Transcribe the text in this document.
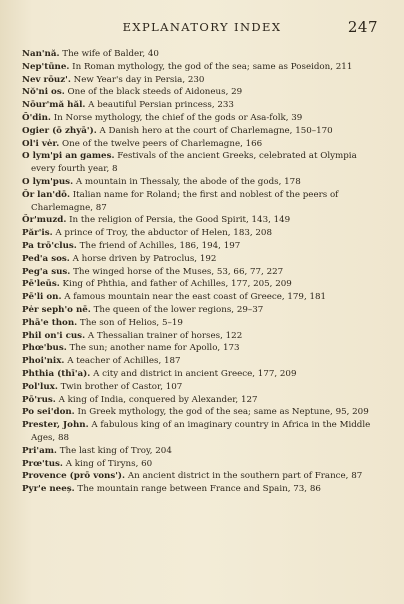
EXPLANATORY INDEX	247

Nan'nă. The wife of Balder, 40

Nep'tūne. In Roman mythology, the god of the sea; same as Poseidon, 211

Nev rōuz'. New Year's day in Persia, 230

Nŏ'ni os. One of the black steeds of Aidoneus, 29

Nōur'mă hăl. A beautiful Persian princess, 233

Ō'din. In Norse mythology, the chief of the gods or Asa-folk, 39

Ogier (ō zhyā'). A Danish hero at the court of Charlemagne, 150–170

Ol'i vėr. One of the twelve peers of Charlemagne, 166

O lym'pi an games. Festivals of the ancient Greeks, celebrated at Olympia every fourth year, 8

O lym'pus. A mountain in Thessaly, the abode of the gods, 178

Ŏr lan'dō. Italian name for Roland; the first and noblest of the peers of Charlemagne, 87

Ŏr'muzd. In the religion of Persia, the Good Spirit, 143, 149

Păr'is. A prince of Troy, the abductor of Helen, 183, 208

Pa trō'clus. The friend of Achilles, 186, 194, 197

Ped'a sos. A horse driven by Patroclus, 192

Peg'a sus. The winged horse of the Muses, 53, 66, 77, 227

Pē'leūs. King of Phthia, and father of Achilles, 177, 205, 209

Pē'li on. A famous mountain near the east coast of Greece, 179, 181

Pėr seph'o nē. The queen of the lower regions, 29–37

Phā'e thon. The son of Helios, 5–19

Phil on'i cus. A Thessalian trainer of horses, 122

Phœ'bus. The sun; another name for Apollo, 173

Phoi'nix. A teacher of Achilles, 187

Phthia (thī'a). A city and district in ancient Greece, 177, 209

Pol'lux. Twin brother of Castor, 107

Pō'rus. A king of India, conquered by Alexander, 127

Po sei'don. In Greek mythology, the god of the sea; same as Neptune, 95, 209

Prester, John. A fabulous king of an imaginary country in Africa in the Middle Ages, 88

Pri'am. The last king of Troy, 204

Prœ'tus. A king of Tiryns, 60

Provence (prō vons'). An ancient district in the southern part of France, 87

Pyr'e neeș. The mountain range between France and Spain, 73, 86
